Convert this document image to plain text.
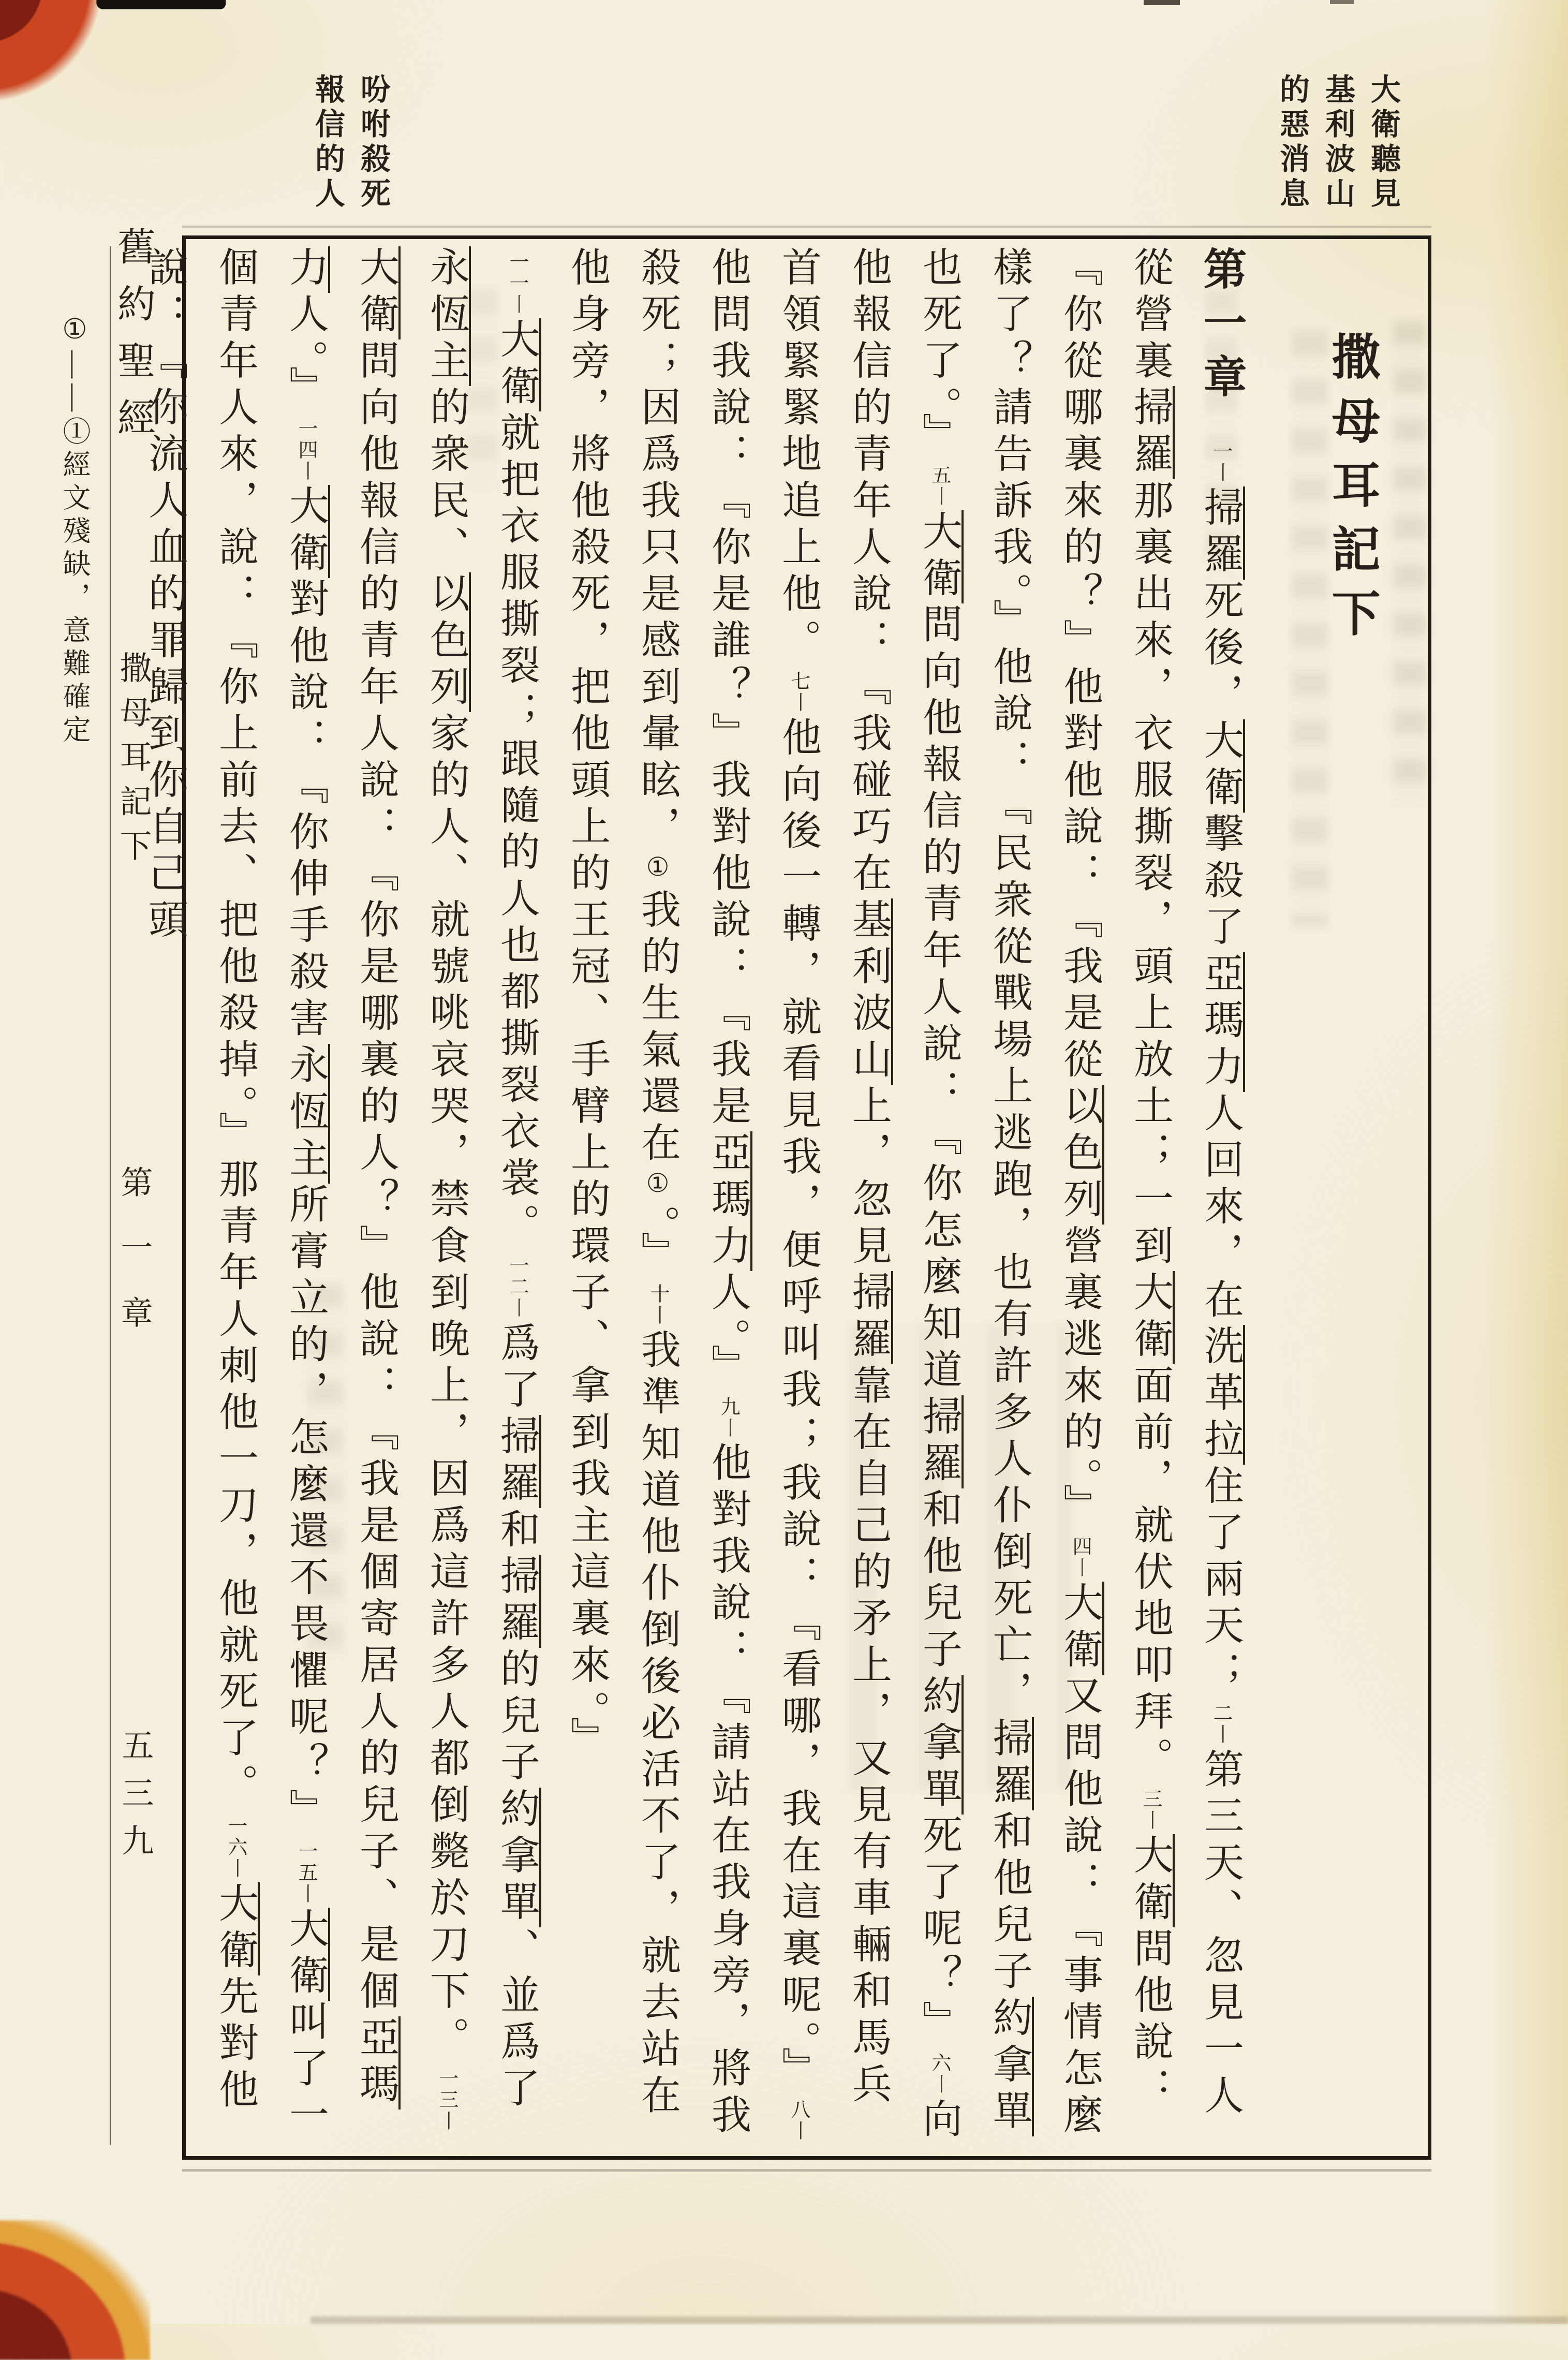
大衛聽見基利波山的惡消息
吩咐殺死報信的人
舊約聖經
撒母耳記下
第一章
五三九
撒母耳記下
第一章一 丨掃羅死後，大衛擊殺了亞瑪力人回來，在洗革拉住了兩天；二 丨第三天、忽見一人從營裏掃羅那裏出來，衣服撕裂，頭上放土；一到大衛面前，就伏地叩拜。三 丨大衛問他說：『你從哪裏來的？』他對他說：『我是從以色列營裏逃來的。』四 丨大衛又問他說：『事情怎麼樣了？請告訴我。』他說：『民衆從戰場上逃跑，也有許多人仆倒死亡，掃羅和他兒子約拿單也死了。』五 丨大衛問向他報信的青年人說：『你怎麼知道掃羅和他兒子約拿單死了呢？』六 丨向他報信的青年人說：『我碰巧在基利波山上，忽見掃羅靠在自己的矛上，又見有車輛和馬兵首領緊緊地追上他。七 丨他向後一轉，就看見我，便呼叫我；我說：『看哪，我在這裏呢。』八 丨他問我說：『你是誰？』我對他說：『我是亞瑪力人。』九 丨他對我說：『請站在我身旁，將我殺死；因爲我只是感到暈眩，①我的生氣還在①。』十 丨我準知道他仆倒後必活不了，就去站在他身旁，將他殺死，把他頭上的王冠、手臂上的環子、拿到我主這裏來。』
一一 丨大衛就把衣服撕裂；跟隨的人也都撕裂衣裳。一二 丨爲了掃羅和掃羅的兒子約拿單、並爲了永恆主的衆民、以色列家的人、就號咷哀哭，禁食到晚上，因爲這許多人都倒斃於刀下。一三 丨大衛問向他報信的青年人說：『你是哪裏的人？』他說：『我是個寄居人的兒子、是個亞瑪力人。』一四 丨大衛對他說：『你伸手殺害永恆主所膏立的，怎麼還不畏懼呢？』一五 丨大衛叫了一個青年人來，說：『你上前去、把他殺掉。』那青年人刺他一刀，他就死了。一六 丨大衛先對他說：『你流人血的罪歸到你自己頭
①——①經文殘缺，意難確定
